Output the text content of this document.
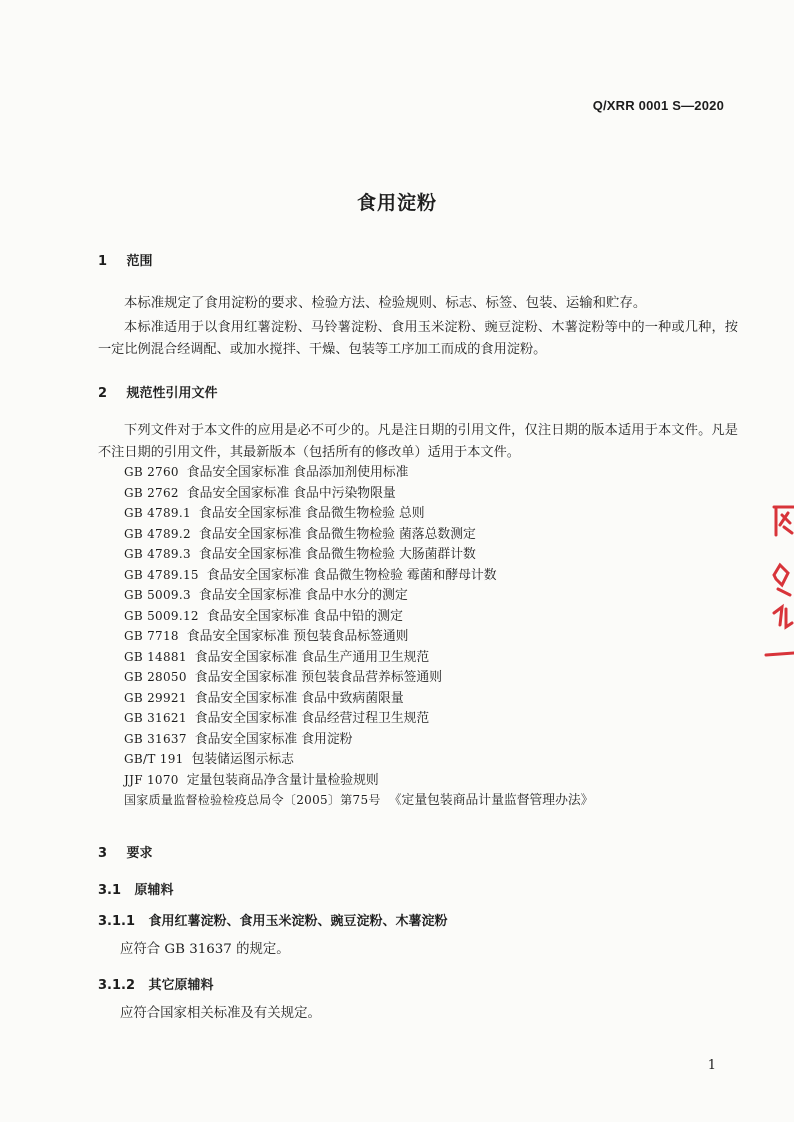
Q/XRR 0001 S—2020
食用淀粉
1 范围

本标准规定了食用淀粉的要求、检验方法、检验规则、标志、标签、包装、运输和贮存。

本标准适用于以食用红薯淀粉、马铃薯淀粉、食用玉米淀粉、豌豆淀粉、木薯淀粉等中的一种或几种，按一定比例混合经调配、或加水搅拌、干燥、包装等工序加工而成的食用淀粉。

2 规范性引用文件

下列文件对于本文件的应用是必不可少的。凡是注日期的引用文件，仅注日期的版本适用于本文件。凡是不注日期的引用文件，其最新版本（包括所有的修改单）适用于本文件。

GB 2760 食品安全国家标准 食品添加剂使用标准
GB 2762 食品安全国家标准 食品中污染物限量
GB 4789.1 食品安全国家标准 食品微生物检验 总则
GB 4789.2 食品安全国家标准 食品微生物检验 菌落总数测定
GB 4789.3 食品安全国家标准 食品微生物检验 大肠菌群计数
GB 4789.15 食品安全国家标准 食品微生物检验 霉菌和酵母计数
GB 5009.3 食品安全国家标准 食品中水分的测定
GB 5009.12 食品安全国家标准 食品中铅的测定
GB 7718 食品安全国家标准 预包装食品标签通则
GB 14881 食品安全国家标准 食品生产通用卫生规范
GB 28050 食品安全国家标准 预包装食品营养标签通则
GB 29921 食品安全国家标准 食品中致病菌限量
GB 31621 食品安全国家标准 食品经营过程卫生规范
GB 31637 食品安全国家标准 食用淀粉
GB/T 191 包装储运图示标志
JJF 1070 定量包装商品净含量计量检验规则
国家质量监督检验检疫总局令〔2005〕第75号 《定量包装商品计量监督管理办法》
3 要求
3.1 原辅料
3.1.1 食用红薯淀粉、食用玉米淀粉、豌豆淀粉、木薯淀粉

应符合 GB 31637 的规定。

3.1.2 其它原辅料

应符合国家相关标准及有关规定。

1
